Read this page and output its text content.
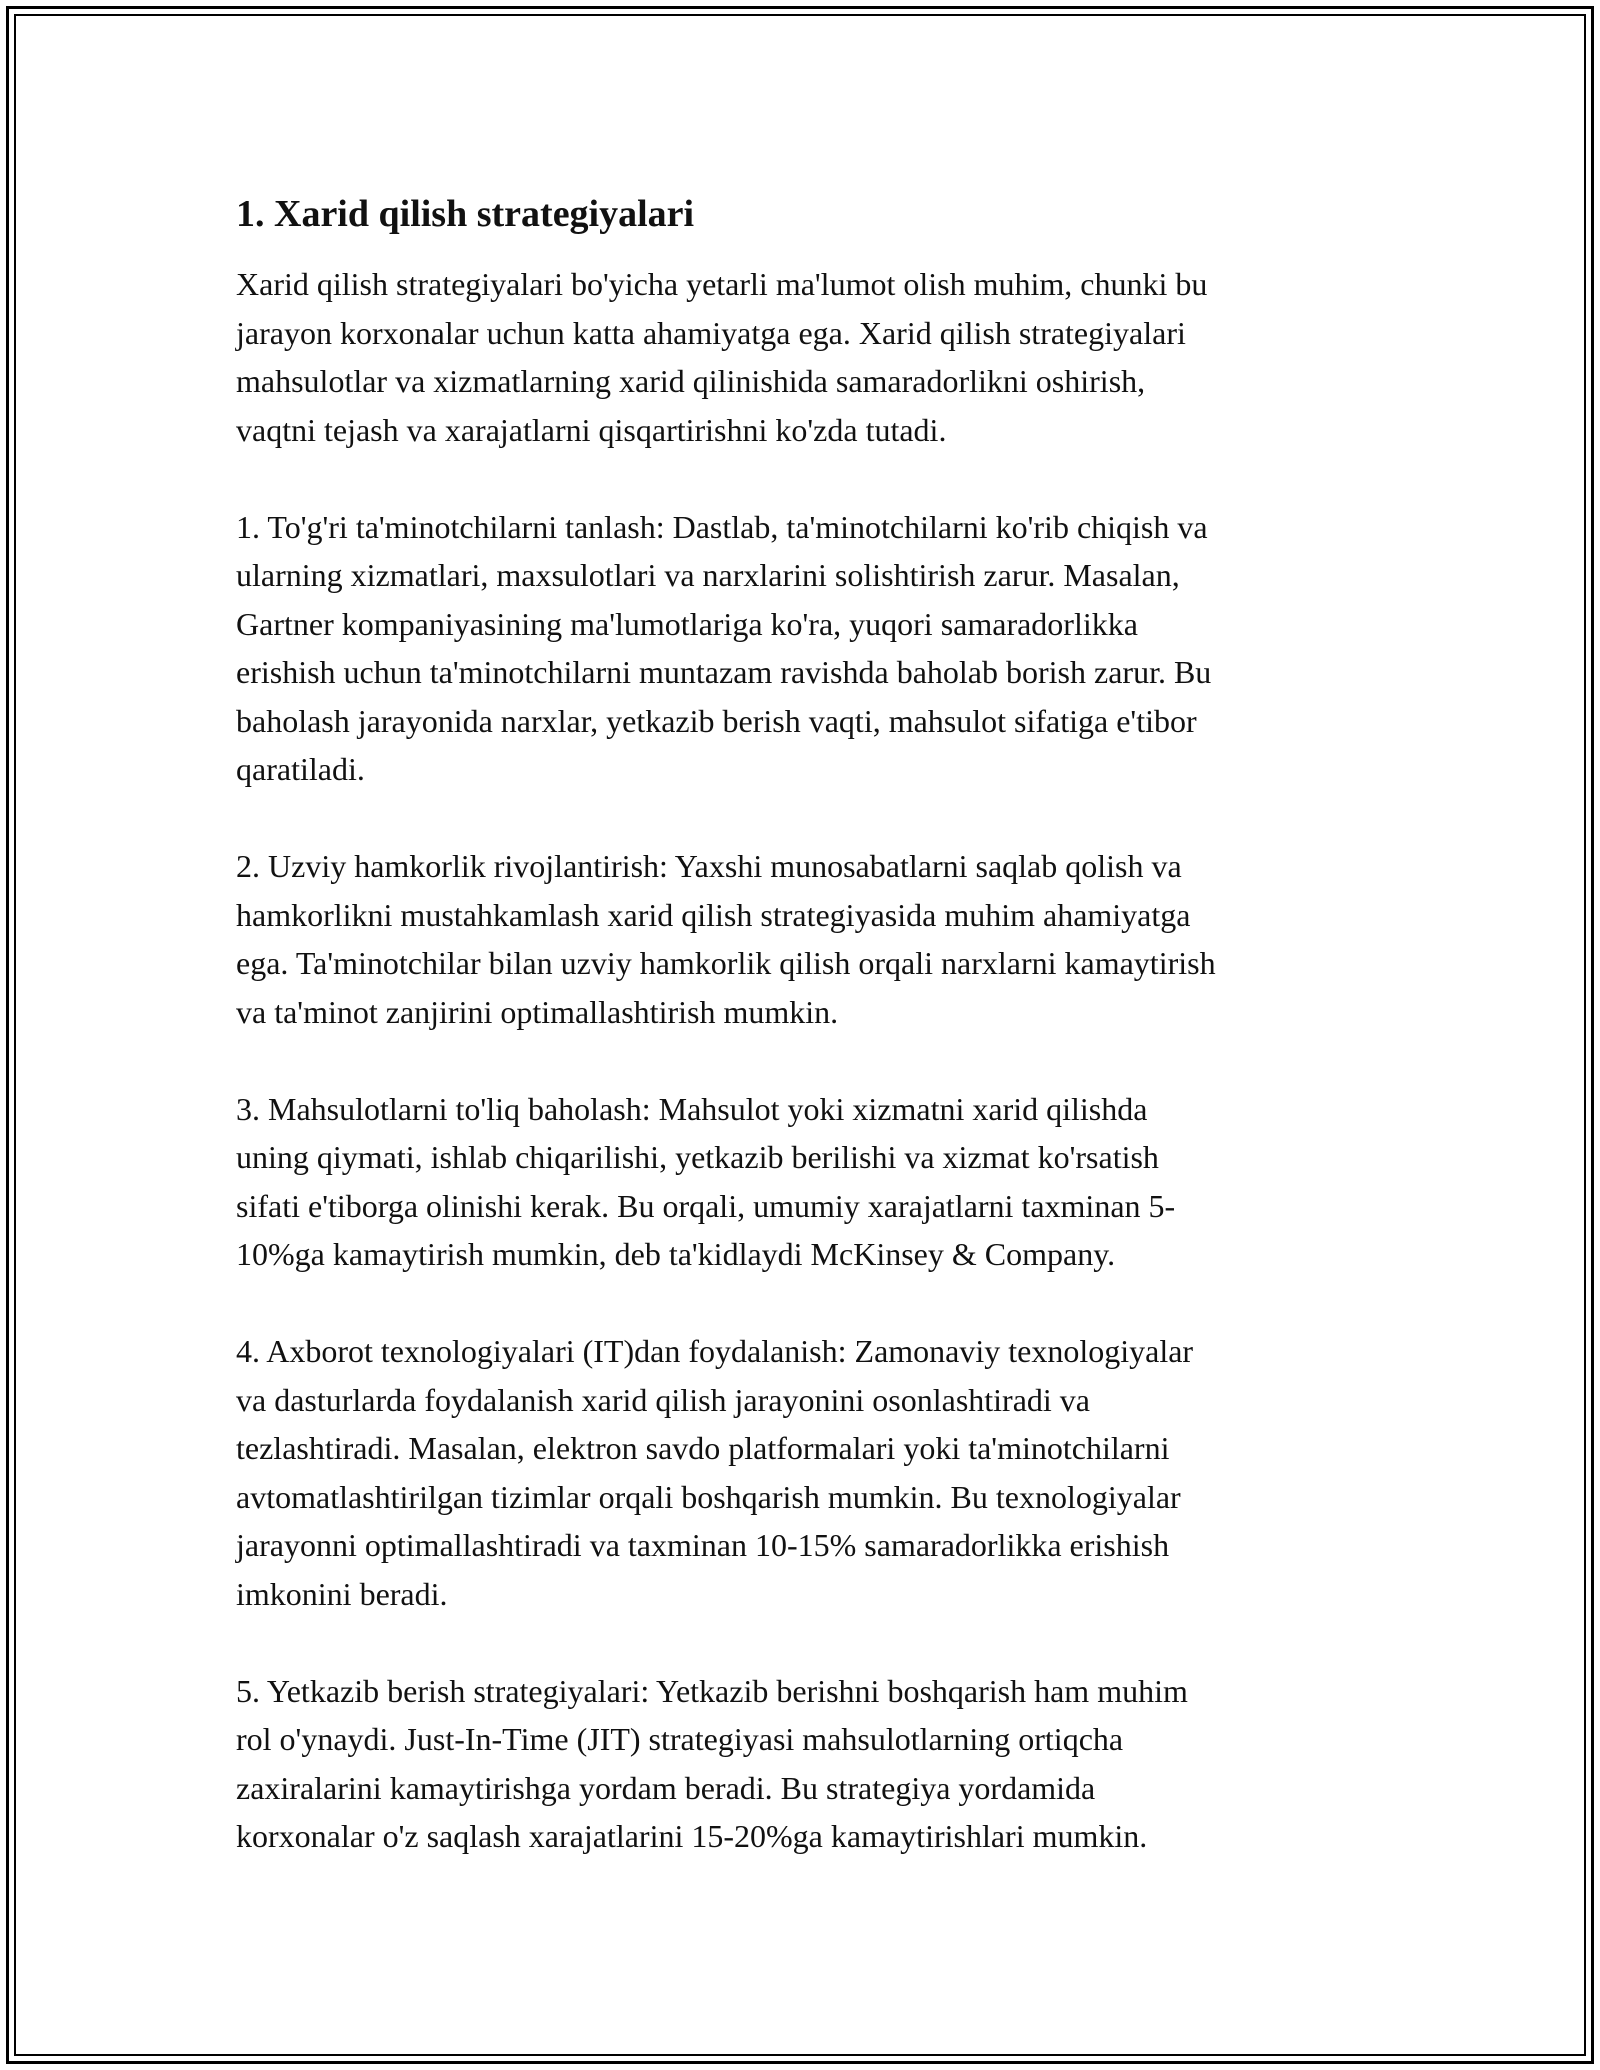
1. Xarid qilish strategiyalari
Xarid qilish strategiyalari bo'yicha yetarli ma'lumot olish muhim, chunki bu
jarayon korxonalar uchun katta ahamiyatga ega. Xarid qilish strategiyalari
mahsulotlar va xizmatlarning xarid qilinishida samaradorlikni oshirish,
vaqtni tejash va xarajatlarni qisqartirishni ko'zda tutadi.
1. To'g'ri ta'minotchilarni tanlash: Dastlab, ta'minotchilarni ko'rib chiqish va
ularning xizmatlari, maxsulotlari va narxlarini solishtirish zarur. Masalan,
Gartner kompaniyasining ma'lumotlariga ko'ra, yuqori samaradorlikka
erishish uchun ta'minotchilarni muntazam ravishda baholab borish zarur. Bu
baholash jarayonida narxlar, yetkazib berish vaqti, mahsulot sifatiga e'tibor
qaratiladi.
2. Uzviy hamkorlik rivojlantirish: Yaxshi munosabatlarni saqlab qolish va
hamkorlikni mustahkamlash xarid qilish strategiyasida muhim ahamiyatga
ega. Ta'minotchilar bilan uzviy hamkorlik qilish orqali narxlarni kamaytirish
va ta'minot zanjirini optimallashtirish mumkin.
3. Mahsulotlarni to'liq baholash: Mahsulot yoki xizmatni xarid qilishda
uning qiymati, ishlab chiqarilishi, yetkazib berilishi va xizmat ko'rsatish
sifati e'tiborga olinishi kerak. Bu orqali, umumiy xarajatlarni taxminan 5-
10%ga kamaytirish mumkin, deb ta'kidlaydi McKinsey & Company.
4. Axborot texnologiyalari (IT)dan foydalanish: Zamonaviy texnologiyalar
va dasturlarda foydalanish xarid qilish jarayonini osonlashtiradi va
tezlashtiradi. Masalan, elektron savdo platformalari yoki ta'minotchilarni
avtomatlashtirilgan tizimlar orqali boshqarish mumkin. Bu texnologiyalar
jarayonni optimallashtiradi va taxminan 10-15% samaradorlikka erishish
imkonini beradi.
5. Yetkazib berish strategiyalari: Yetkazib berishni boshqarish ham muhim
rol o'ynaydi. Just-In-Time (JIT) strategiyasi mahsulotlarning ortiqcha
zaxiralarini kamaytirishga yordam beradi. Bu strategiya yordamida
korxonalar o'z saqlash xarajatlarini 15-20%ga kamaytirishlari mumkin.
